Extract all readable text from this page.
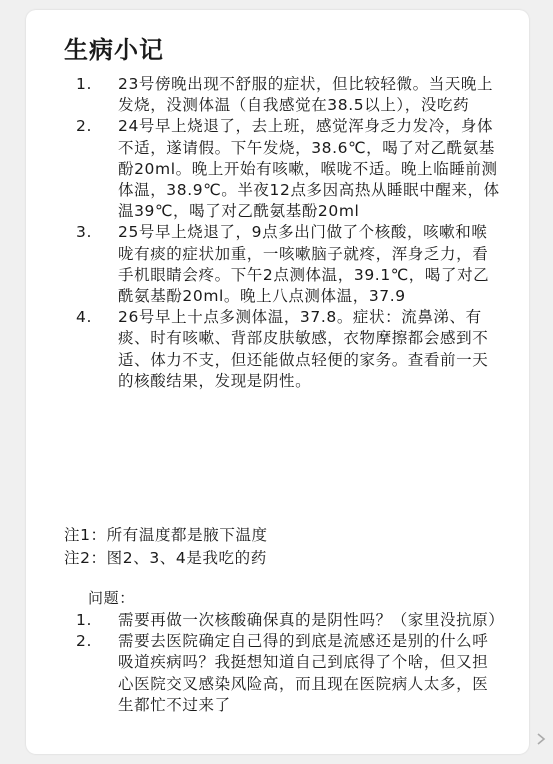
生病小记
1. 23号傍晚出现不舒服的症状，但比较轻微。当天晚上发烧，没测体温（自我感觉在38.5以上），没吃药
2. 24号早上烧退了，去上班，感觉浑身乏力发冷，身体不适，遂请假。下午发烧，38.6℃，喝了对乙酰氨基酚20ml。晚上开始有咳嗽，喉咙不适。晚上临睡前测体温，38.9℃。半夜12点多因高热从睡眠中醒来，体温39℃，喝了对乙酰氨基酚20ml
3. 25号早上烧退了，9点多出门做了个核酸，咳嗽和喉咙有痰的症状加重，一咳嗽脑子就疼，浑身乏力，看手机眼睛会疼。下午2点测体温，39.1℃，喝了对乙酰氨基酚20ml。晚上八点测体温，37.9
4. 26号早上十点多测体温，37.8。症状：流鼻涕、有痰、时有咳嗽、背部皮肤敏感，衣物摩擦都会感到不适、体力不支，但还能做点轻便的家务。查看前一天的核酸结果，发现是阴性。
注1：所有温度都是腋下温度
注2：图2、3、4是我吃的药
问题：
1. 需要再做一次核酸确保真的是阴性吗？（家里没抗原）
2. 需要去医院确定自己得的到底是流感还是别的什么呼吸道疾病吗？我挺想知道自己到底得了个啥，但又担心医院交叉感染风险高，而且现在医院病人太多，医生都忙不过来了
